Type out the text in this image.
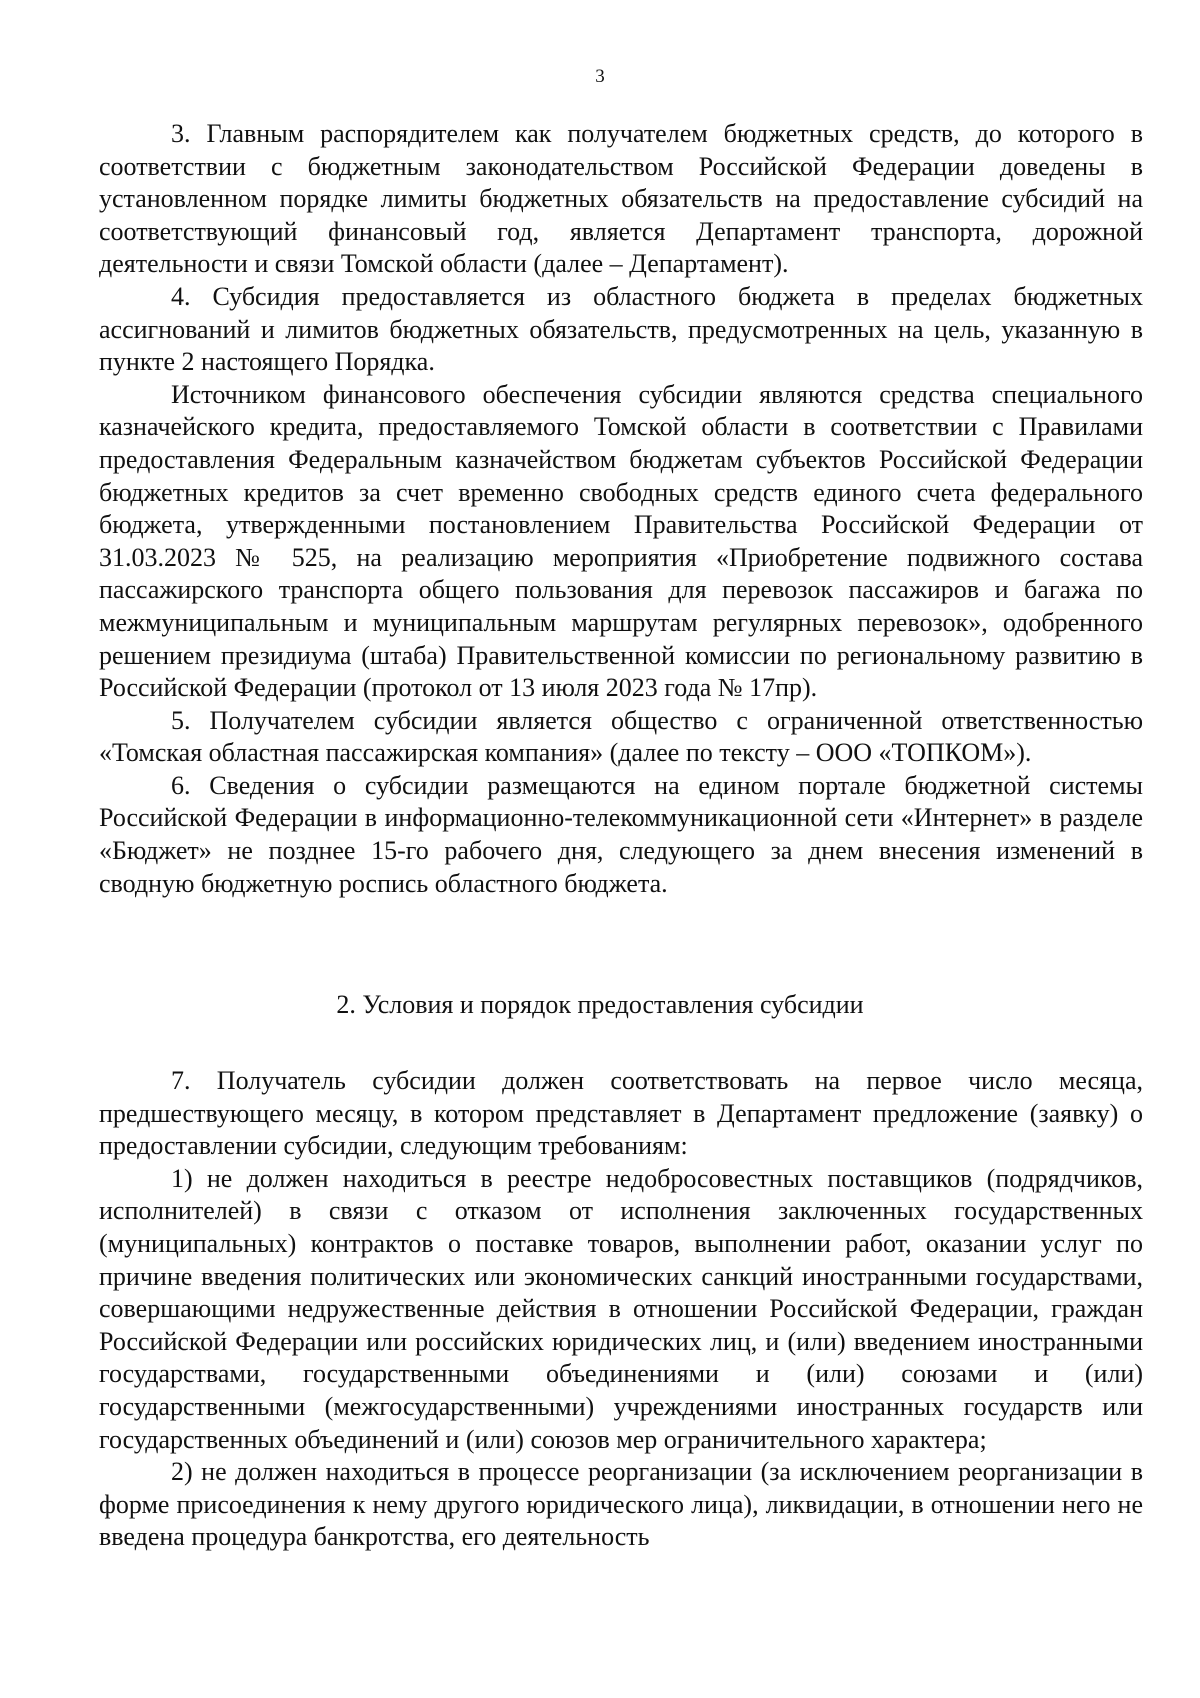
3

3. Главным распорядителем как получателем бюджетных средств, до которого в соответствии с бюджетным законодательством Российской Федерации доведены в установленном порядке лимиты бюджетных обязательств на предоставление субсидий на соответствующий финансовый год, является Департамент транспорта, дорожной деятельности и связи Томской области (далее – Департамент).

4. Субсидия предоставляется из областного бюджета в пределах бюджетных ассигнований и лимитов бюджетных обязательств, предусмотренных на цель, указанную в пункте 2 настоящего Порядка.

Источником финансового обеспечения субсидии являются средства специального казначейского кредита, предоставляемого Томской области в соответствии с Правилами предоставления Федеральным казначейством бюджетам субъектов Российской Федерации бюджетных кредитов за счет временно свободных средств единого счета федерального бюджета, утвержденными постановлением Правительства Российской Федерации от 31.03.2023 № 525, на реализацию мероприятия «Приобретение подвижного состава пассажирского транспорта общего пользования для перевозок пассажиров и багажа по межмуниципальным и муниципальным маршрутам регулярных перевозок», одобренного решением президиума (штаба) Правительственной комиссии по региональному развитию в Российской Федерации (протокол от 13 июля 2023 года № 17пр).

5. Получателем субсидии является общество с ограниченной ответственностью «Томская областная пассажирская компания» (далее по тексту – ООО «ТОПКОМ»).

6. Сведения о субсидии размещаются на едином портале бюджетной системы Российской Федерации в информационно-телекоммуникационной сети «Интернет» в разделе «Бюджет» не позднее 15-го рабочего дня, следующего за днем внесения изменений в сводную бюджетную роспись областного бюджета.

2. Условия и порядок предоставления субсидии

7. Получатель субсидии должен соответствовать на первое число месяца, предшествующего месяцу, в котором представляет в Департамент предложение (заявку) о предоставлении субсидии, следующим требованиям:

1) не должен находиться в реестре недобросовестных поставщиков (подрядчиков, исполнителей) в связи с отказом от исполнения заключенных государственных (муниципальных) контрактов о поставке товаров, выполнении работ, оказании услуг по причине введения политических или экономических санкций иностранными государствами, совершающими недружественные действия в отношении Российской Федерации, граждан Российской Федерации или российских юридических лиц, и (или) введением иностранными государствами, государственными объединениями и (или) союзами и (или) государственными (межгосударственными) учреждениями иностранных государств или государственных объединений и (или) союзов мер ограничительного характера;

2) не должен находиться в процессе реорганизации (за исключением реорганизации в форме присоединения к нему другого юридического лица), ликвидации, в отношении него не введена процедура банкротства, его деятельность
